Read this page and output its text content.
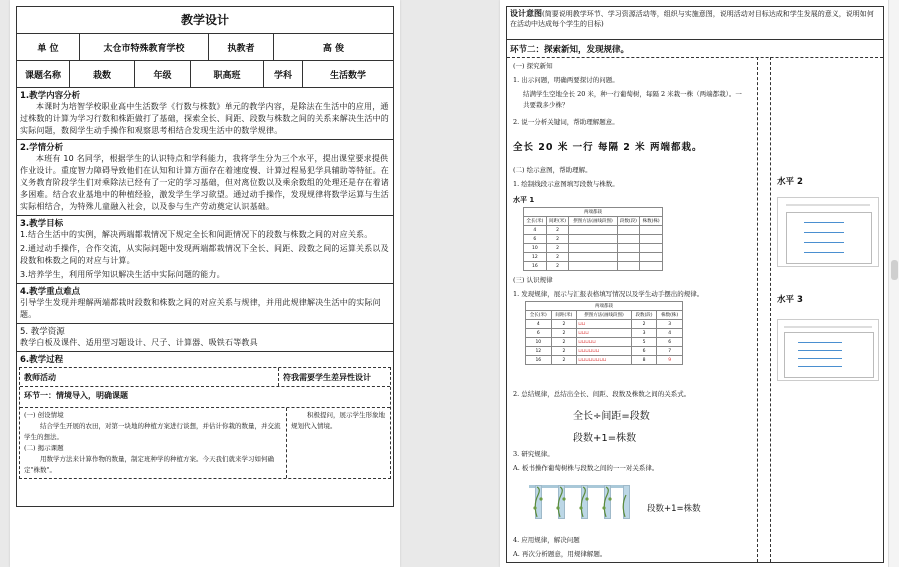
教学设计
单 位	太仓市特殊教育学校	执教者	高 俊
课题名称	栽数	年级	职高班	学科	生活数学
1.教学内容分析
本课时为培智学校职业高中生活数学《行数与株数》单元的教学内容，是除法在生活中的应用，通过株数的计算为学习行数和株距做打了基础，探索全长、间距、段数与株数之间的关系来解决生活中的实际问题，数阅学生动手操作和观察思考相结合发现生活中的数学规律。
2.学情分析
本班有 10 名同学，根据学生的认识特点和学科能力，我将学生分为三个水平，提出课堂要求提供作业设计。重度智力障碍导致他们在认知和计算方面存在着速度慢、计算过程易犯学具辅助等特征。在义务教育阶段学生们对乘除法已经有了一定的学习基础，但对离位数以及乘余数组的处理还是存在着诸多困难。结合农业基地中的种植经验，激发学生学习欲望。通过动手操作，发现规律将数学运算与生活实际相结合，为特殊儿童融入社会，以及参与生产劳动奠定认识基础。
3.教学目标
1.结合生活中的实例，解决两端都栽情况下规定全长和间距情况下的段数与株数之间的对应关系。
2.通过动手操作，合作交流，从实际问题中发现两端都栽情况下全长、间距、段数之间的运算关系以及段数和株数之间的对应与计算。
3.培养学生，利用所学知识解决生活中实际问题的能力。
4.教学重点难点
引导学生发现并理解两端都栽时段数和株数之间的对应关系与规律，并用此规律解决生活中的实际问题。
5. 教学资源
教学白板及课件、适用型习题设计、尺子、计算器、吸铁石等教具
6.教学过程
教师活动	符我需要学生差异性设计
环节一：情境导入，明确课题
(一) 创设情境
结合学生开展的农田，对第一块地的种植方案进行谈想，并估计你栽的数量，并交流学生的想法。
(二) 揭示课题
用数学方法来计算作物的数量，制定班种学的种植方案。今天我们就来学习如何确定"株数"。
积极提问，展示学生形象地规划代入情境。
设计意图(简要说明教学环节、学习资源活动等，组织与实施意图，说明活动对目标达成和学生发展的意义，说明如何在活动中达成每个学生的目标)
环节二：探索新知，发现规律。
(一) 探究新知
1. 出示问题，明确两要探讨的问题。
结满学生空地全长 20 米，种一行葡萄树，每隔 2 米栽一株（两端都栽）。一共要栽多少株？
2. 说一分析关键词，帮助理解题意。
全长 20 米 一行 每隔 2 米 两端都栽。
(二) 绘示意图，帮助理解。
1. 绘制线段示意图填写段数与株数。
水平 1
两端都栽				
全长(米)	间距(米)	摆图方法(画线段图)	段数(段)	株数(株)
4	2			
6	2			
10	2			
12	2			
16	2			
(三) 认识规律
1. 发现规律，展示与汇报表格填写情况以及学生动手摆出的规律。
两端都栽				
全长(米)	间距(米)	摆图方法(画线段图)	段数(段)	株数(株)
4	2	⊔⊔	2	3
6	2	⊔⊔⊔	3	4
10	2	⊔⊔⊔⊔⊔	5	6
12	2	⊔⊔⊔⊔⊔⊔	6	7
16	2	⊔⊔⊔⊔⊔⊔⊔⊔	8	9
2. 总结规律，总结出全长、间距、段数及株数之间的关系式。
全长÷间距=段数
段数+1=株数
3. 研究规律。
A. 板书操作葡萄树株与段数之间的一一对关系律。
段数+1=株数
4. 应用规律，解决问题
A. 再次分析题意，用规律解题。
水平 2
水平 3
